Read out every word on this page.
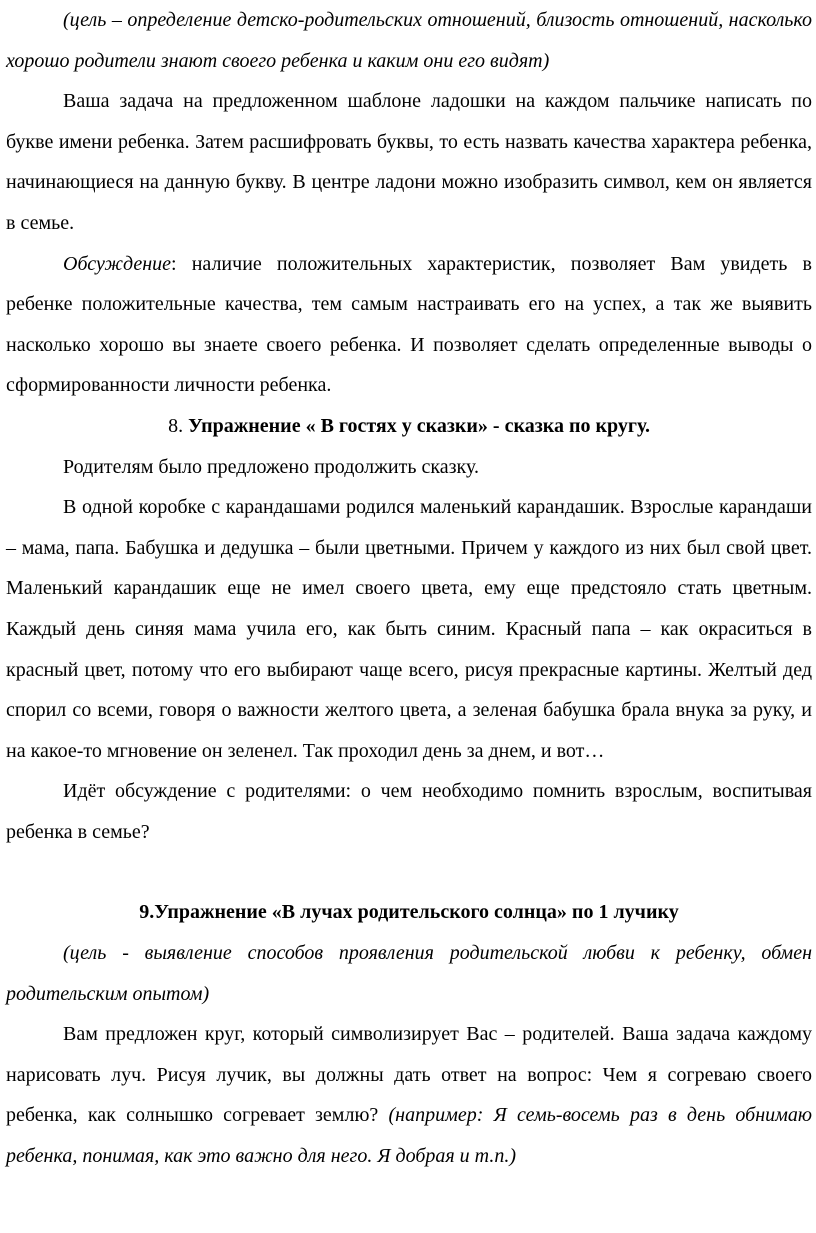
(цель – определение детско-родительских отношений, близость отношений, насколько хорошо родители знают своего ребенка и каким они его видят)

Ваша задача на предложенном шаблоне ладошки на каждом пальчике написать по букве имени ребенка. Затем расшифровать буквы, то есть назвать качества характера ребенка, начинающиеся на данную букву. В центре ладони можно изобразить символ, кем он является в семье.

Обсуждение: наличие положительных характеристик, позволяет Вам увидеть в ребенке положительные качества, тем самым настраивать его на успех, а так же выявить насколько хорошо вы знаете своего ребенка. И позволяет сделать определенные выводы о сформированности личности ребенка.

8. Упражнение « В гостях у сказки» - сказка по кругу.

Родителям было предложено продолжить сказку.

В одной коробке с карандашами родился маленький карандашик. Взрослые карандаши – мама, папа. Бабушка и дедушка – были цветными. Причем у каждого из них был свой цвет. Маленький карандашик еще не имел своего цвета, ему еще предстояло стать цветным. Каждый день синяя мама учила его, как быть синим. Красный папа – как окраситься в красный цвет, потому что его выбирают чаще всего, рисуя прекрасные картины. Желтый дед спорил со всеми, говоря о важности желтого цвета, а зеленая бабушка брала внука за руку, и на какое-то мгновение он зеленел. Так проходил день за днем, и вот…

Идёт обсуждение с родителями: о чем необходимо помнить взрослым, воспитывая ребенка в семье?

9.Упражнение «В лучах родительского солнца» по 1 лучику

(цель - выявление способов проявления родительской любви к ребенку, обмен родительским опытом)

Вам предложен круг, который символизирует Вас – родителей. Ваша задача каждому нарисовать луч. Рисуя лучик, вы должны дать ответ на вопрос: Чем я согреваю своего ребенка, как солнышко согревает землю? (например: Я семь-восемь раз в день обнимаю ребенка, понимая, как это важно для него. Я добрая и т.п.)
